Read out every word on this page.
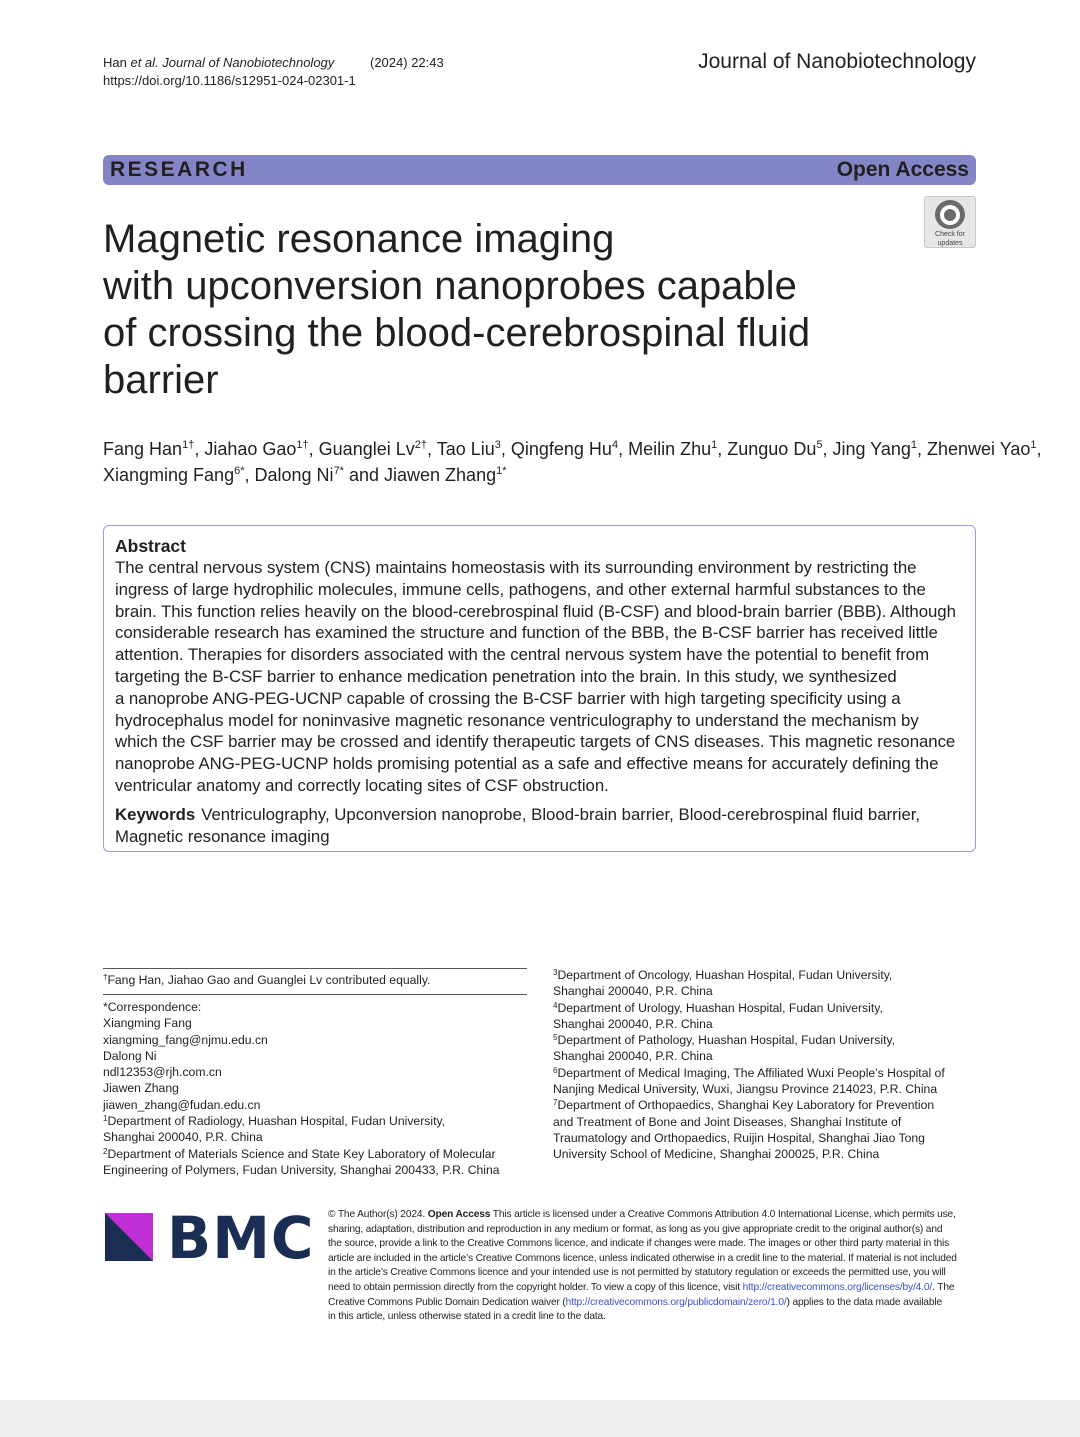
Han et al. Journal of Nanobiotechnology	(2024) 22:43
https://doi.org/10.1186/s12951-024-02301-1
Journal of Nanobiotechnology
RESEARCH	Open Access
Check for
updates
Magnetic resonance imaging
with upconversion nanoprobes capable
of crossing the blood-cerebrospinal fluid
barrier
Fang Han$^{1\dagger}$, Jiahao Gao$^{1\dagger}$, Guanglei $Lv^{2\dagger}$, Tao Liu$^3$, Qingfeng Hu$^4$, Meilin Zhu$^1$, Zunguo Du$^5$, Jing Yang$^1$, Zhenwei Yao$^1$,
Xiangming Fang$^{6*}$, Dalong $Ni^{7*}$ and Jiawen Zhang$^{1*}$
Abstract
The central nervous system (CNS) maintains homeostasis with its surrounding environment by restricting the
ingress of large hydrophilic molecules, immune cells, pathogens, and other external harmful substances to the
brain. This function relies heavily on the blood-cerebrospinal fluid (B-CSF) and blood-brain barrier (BBB). Although
considerable research has examined the structure and function of the BBB, the B-CSF barrier has received little
attention. Therapies for disorders associated with the central nervous system have the potential to benefit from
targeting the B-CSF barrier to enhance medication penetration into the brain. In this study, we synthesized
a nanoprobe ANG-PEG-UCNP capable of crossing the B-CSF barrier with high targeting specificity using a
hydrocephalus model for noninvasive magnetic resonance ventriculography to understand the mechanism by
which the CSF barrier may be crossed and identify therapeutic targets of CNS diseases. This magnetic resonance
nanoprobe ANG-PEG-UCNP holds promising potential as a safe and effective means for accurately defining the
ventricular anatomy and correctly locating sites of CSF obstruction.
Keywords Ventriculography, Upconversion nanoprobe, Blood-brain barrier, Blood-cerebrospinal fluid barrier,
Magnetic resonance imaging
†Fang Han, Jiahao Gao and Guanglei Lv contributed equally.
*Correspondence:
Xiangming Fang
xiangming_fang@njmu.edu.cn
Dalong Ni
ndl12353@rjh.com.cn
Jiawen Zhang
jiawen_zhang@fudan.edu.cn
$^1$Department of Radiology, Huashan Hospital, Fudan University,
Shanghai 200040, P.R. China
$^2$Department of Materials Science and State Key Laboratory of Molecular
Engineering of Polymers, Fudan University, Shanghai 200433, P.R. China
$^3$Department of Oncology, Huashan Hospital, Fudan University,
Shanghai 200040, P.R. China
$^4$Department of Urology, Huashan Hospital, Fudan University,
Shanghai 200040, P.R. China
$^5$Department of Pathology, Huashan Hospital, Fudan University,
Shanghai 200040, P.R. China
$^6$Department of Medical Imaging, The Affiliated Wuxi People’s Hospital of
Nanjing Medical University, Wuxi, Jiangsu Province 214023, P.R. China
$^7$Department of Orthopaedics, Shanghai Key Laboratory for Prevention
and Treatment of Bone and Joint Diseases, Shanghai Institute of
Traumatology and Orthopaedics, Ruijin Hospital, Shanghai Jiao Tong
University School of Medicine, Shanghai 200025, P.R. China
BMC © The Author(s) 2024. Open Access This article is licensed under a Creative Commons Attribution 4.0 International License, which permits use,
sharing, adaptation, distribution and reproduction in any medium or format, as long as you give appropriate credit to the original author(s) and
the source, provide a link to the Creative Commons licence, and indicate if changes were made. The images or other third party material in this
article are included in the article’s Creative Commons licence, unless indicated otherwise in a credit line to the material. If material is not included
in the article’s Creative Commons licence and your intended use is not permitted by statutory regulation or exceeds the permitted use, you will
need to obtain permission directly from the copyright holder. To view a copy of this licence, visit http://creativecommons.org/licenses/by/4.0/. The
Creative Commons Public Domain Dedication waiver (http://creativecommons.org/publicdomain/zero/1.0/) applies to the data made available
in this article, unless otherwise stated in a credit line to the data.
